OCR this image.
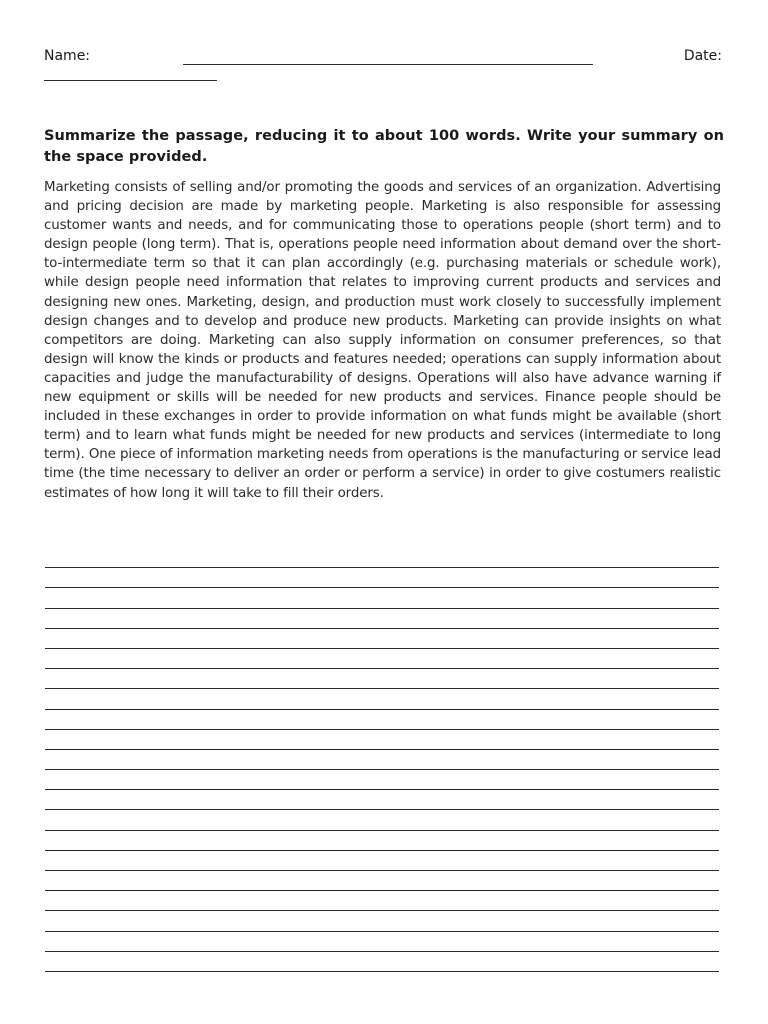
Name:	Date:
Summarize the passage, reducing it to about 100 words. Write your summary on the space provided.
Marketing consists of selling and/or promoting the goods and services of an organization. Advertising and pricing decision are made by marketing people. Marketing is also responsible for assessing customer wants and needs, and for communicating those to operations people (short term) and to design people (long term). That is, operations people need information about demand over the short-to-intermediate term so that it can plan accordingly (e.g. purchasing materials or schedule work), while design people need information that relates to improving current products and services and designing new ones. Marketing, design, and production must work closely to successfully implement design changes and to develop and produce new products. Marketing can provide insights on what competitors are doing. Marketing can also supply information on consumer preferences, so that design will know the kinds or products and features needed; operations can supply information about capacities and judge the manufacturability of designs. Operations will also have advance warning if new equipment or skills will be needed for new products and services. Finance people should be included in these exchanges in order to provide information on what funds might be available (short term) and to learn what funds might be needed for new products and services (intermediate to long term). One piece of information marketing needs from operations is the manufacturing or service lead time (the time necessary to deliver an order or perform a service) in order to give costumers realistic estimates of how long it will take to fill their orders.
